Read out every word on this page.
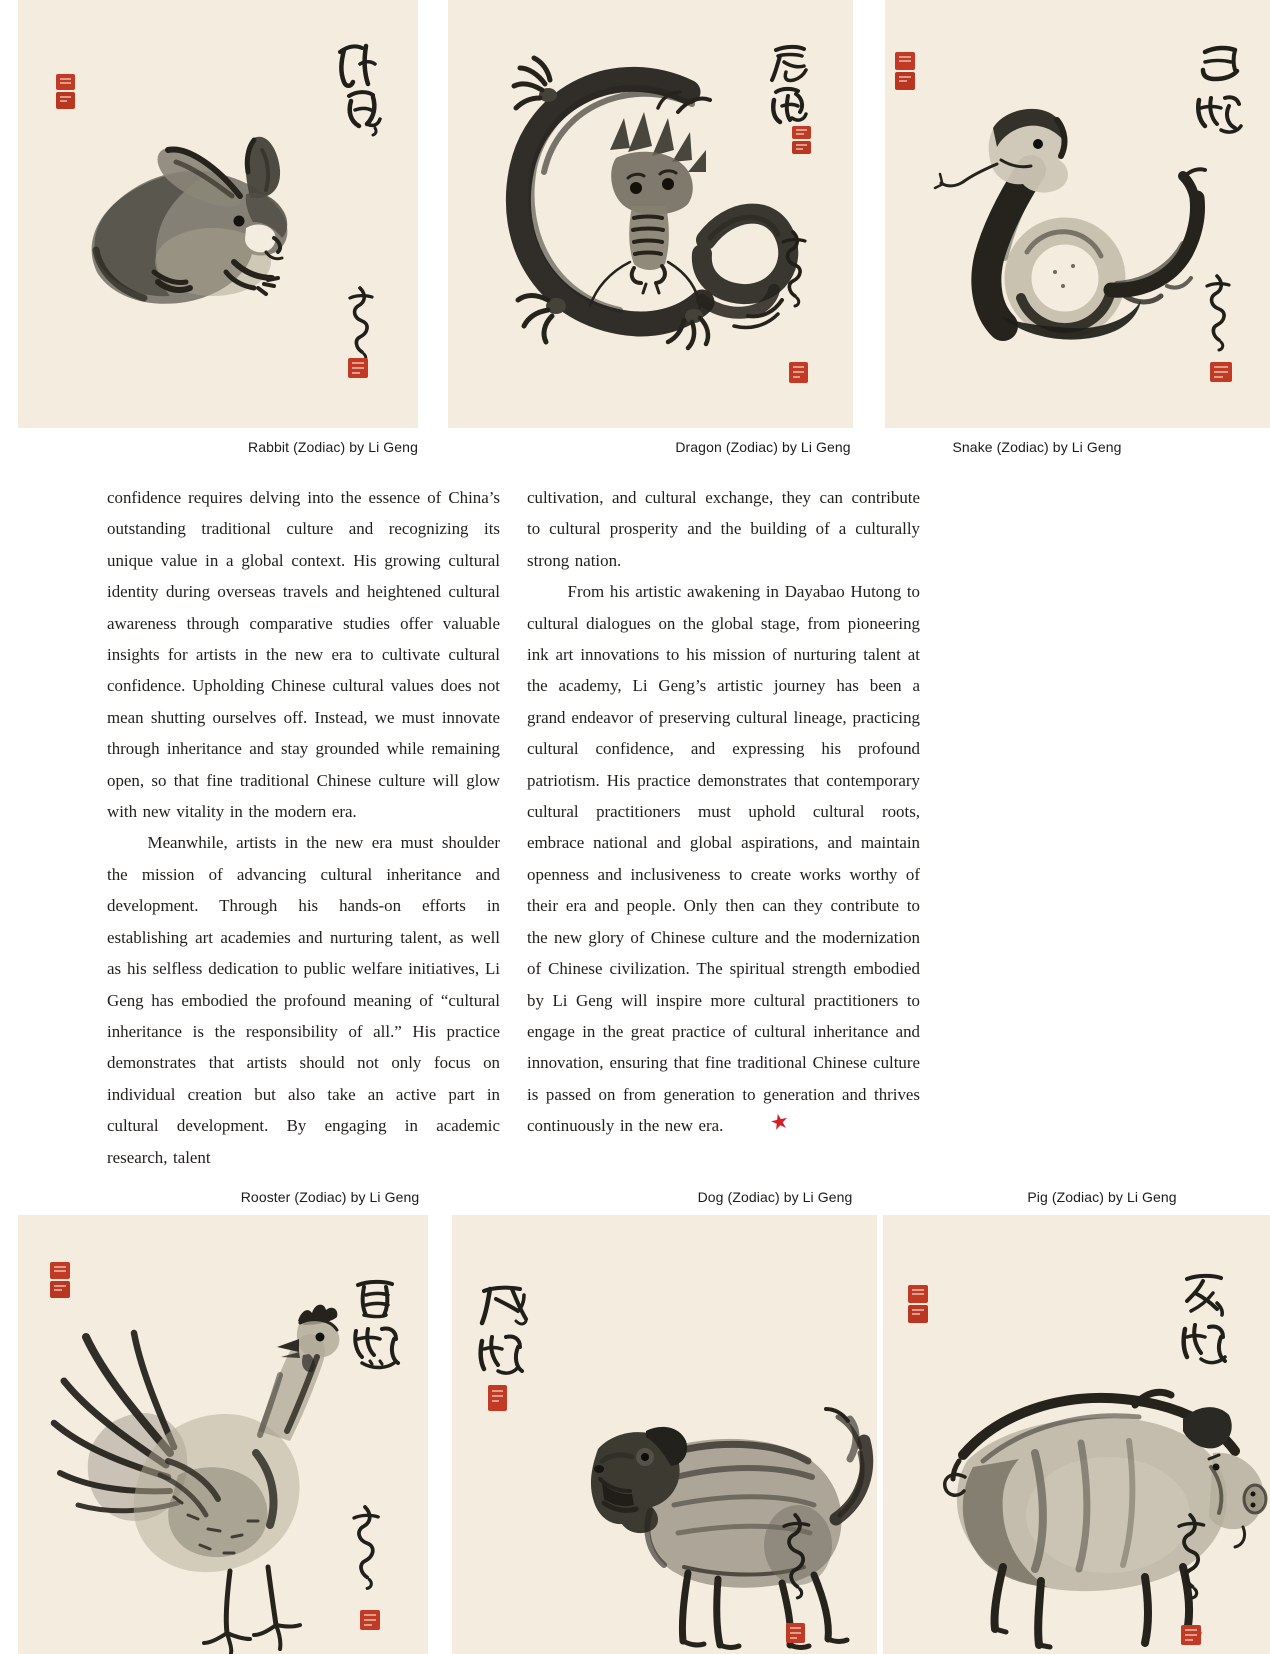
Rabbit (Zodiac) by Li Geng	Dragon (Zodiac) by Li Geng	Snake (Zodiac) by Li Geng

confidence requires delving into the essence of China’s outstanding traditional culture and recognizing its unique value in a global context. His growing cultural identity during overseas travels and heightened cultural awareness through comparative studies offer valuable insights for artists in the new era to cultivate cultural confidence. Upholding Chinese cultural values does not mean shutting ourselves off. Instead, we must innovate through inheritance and stay grounded while remaining open, so that fine traditional Chinese culture will glow with new vitality in the modern era.

Meanwhile, artists in the new era must shoulder the mission of advancing cultural inheritance and development. Through his hands-on efforts in establishing art academies and nurturing talent, as well as his selfless dedication to public welfare initiatives, Li Geng has embodied the profound meaning of “cultural inheritance is the responsibility of all.” His practice demonstrates that artists should not only focus on individual creation but also take an active part in cultural development. By engaging in academic research, talent

cultivation, and cultural exchange, they can contribute to cultural prosperity and the building of a culturally strong nation.

From his artistic awakening in Dayabao Hutong to cultural dialogues on the global stage, from pioneering ink art innovations to his mission of nurturing talent at the academy, Li Geng’s artistic journey has been a grand endeavor of preserving cultural lineage, practicing cultural confidence, and expressing his profound patriotism. His practice demonstrates that contemporary cultural practitioners must uphold cultural roots, embrace national and global aspirations, and maintain openness and inclusiveness to create works worthy of their era and people. Only then can they contribute to the new glory of Chinese culture and the modernization of Chinese civilization. The spiritual strength embodied by Li Geng will inspire more cultural practitioners to engage in the great practice of cultural inheritance and innovation, ensuring that fine traditional Chinese culture is passed on from generation to generation and thrives continuously in the new era. ★

Rooster (Zodiac) by Li Geng	Dog (Zodiac) by Li Geng	Pig (Zodiac) by Li Geng
